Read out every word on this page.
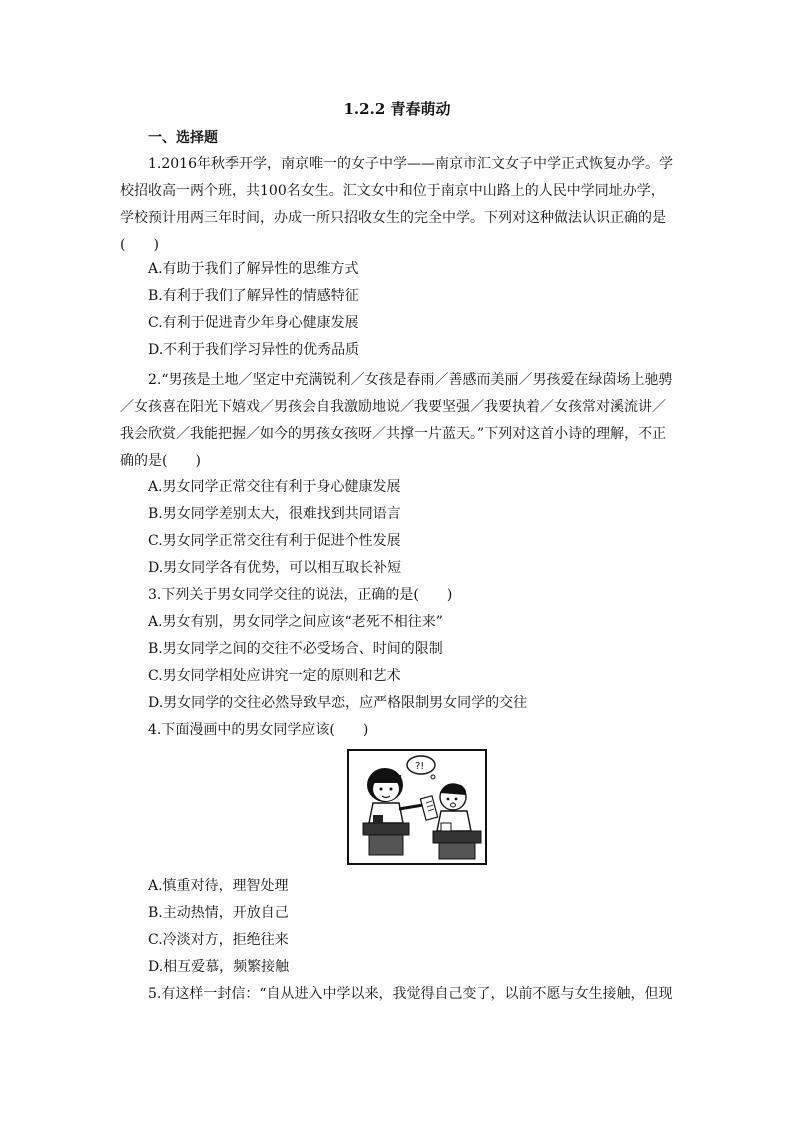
1.2.2 青春萌动
一、选择题
1.2016年秋季开学，南京唯一的女子中学——南京市汇文女子中学正式恢复办学。学
校招收高一两个班，共100名女生。汇文女中和位于南京中山路上的人民中学同址办学，
学校预计用两三年时间，办成一所只招收女生的完全中学。下列对这种做法认识正确的是
(　　)
A.有助于我们了解异性的思维方式
B.有利于我们了解异性的情感特征
C.有利于促进青少年身心健康发展
D.不利于我们学习异性的优秀品质
2.“男孩是土地／坚定中充满锐利／女孩是春雨／善感而美丽／男孩爱在绿茵场上驰骋
／女孩喜在阳光下嬉戏／男孩会自我激励地说／我要坚强／我要执着／女孩常对溪流讲／
我会欣赏／我能把握／如今的男孩女孩呀／共撑一片蓝天。”下列对这首小诗的理解，不正
确的是(　　)
A.男女同学正常交往有利于身心健康发展
B.男女同学差别太大，很难找到共同语言
C.男女同学正常交往有利于促进个性发展
D.男女同学各有优势，可以相互取长补短
3.下列关于男女同学交往的说法，正确的是(　　)
A.男女有别，男女同学之间应该“老死不相往来”
B.男女同学之间的交往不必受场合、时间的限制
C.男女同学相处应讲究一定的原则和艺术
D.男女同学的交往必然导致早恋，应严格限制男女同学的交往
4.下面漫画中的男女同学应该(　　)
?!
A.慎重对待，理智处理
B.主动热情，开放自己
C.冷淡对方，拒绝往来
D.相互爱慕，频繁接触
5.有这样一封信：“自从进入中学以来，我觉得自己变了，以前不愿与女生接触，但现
